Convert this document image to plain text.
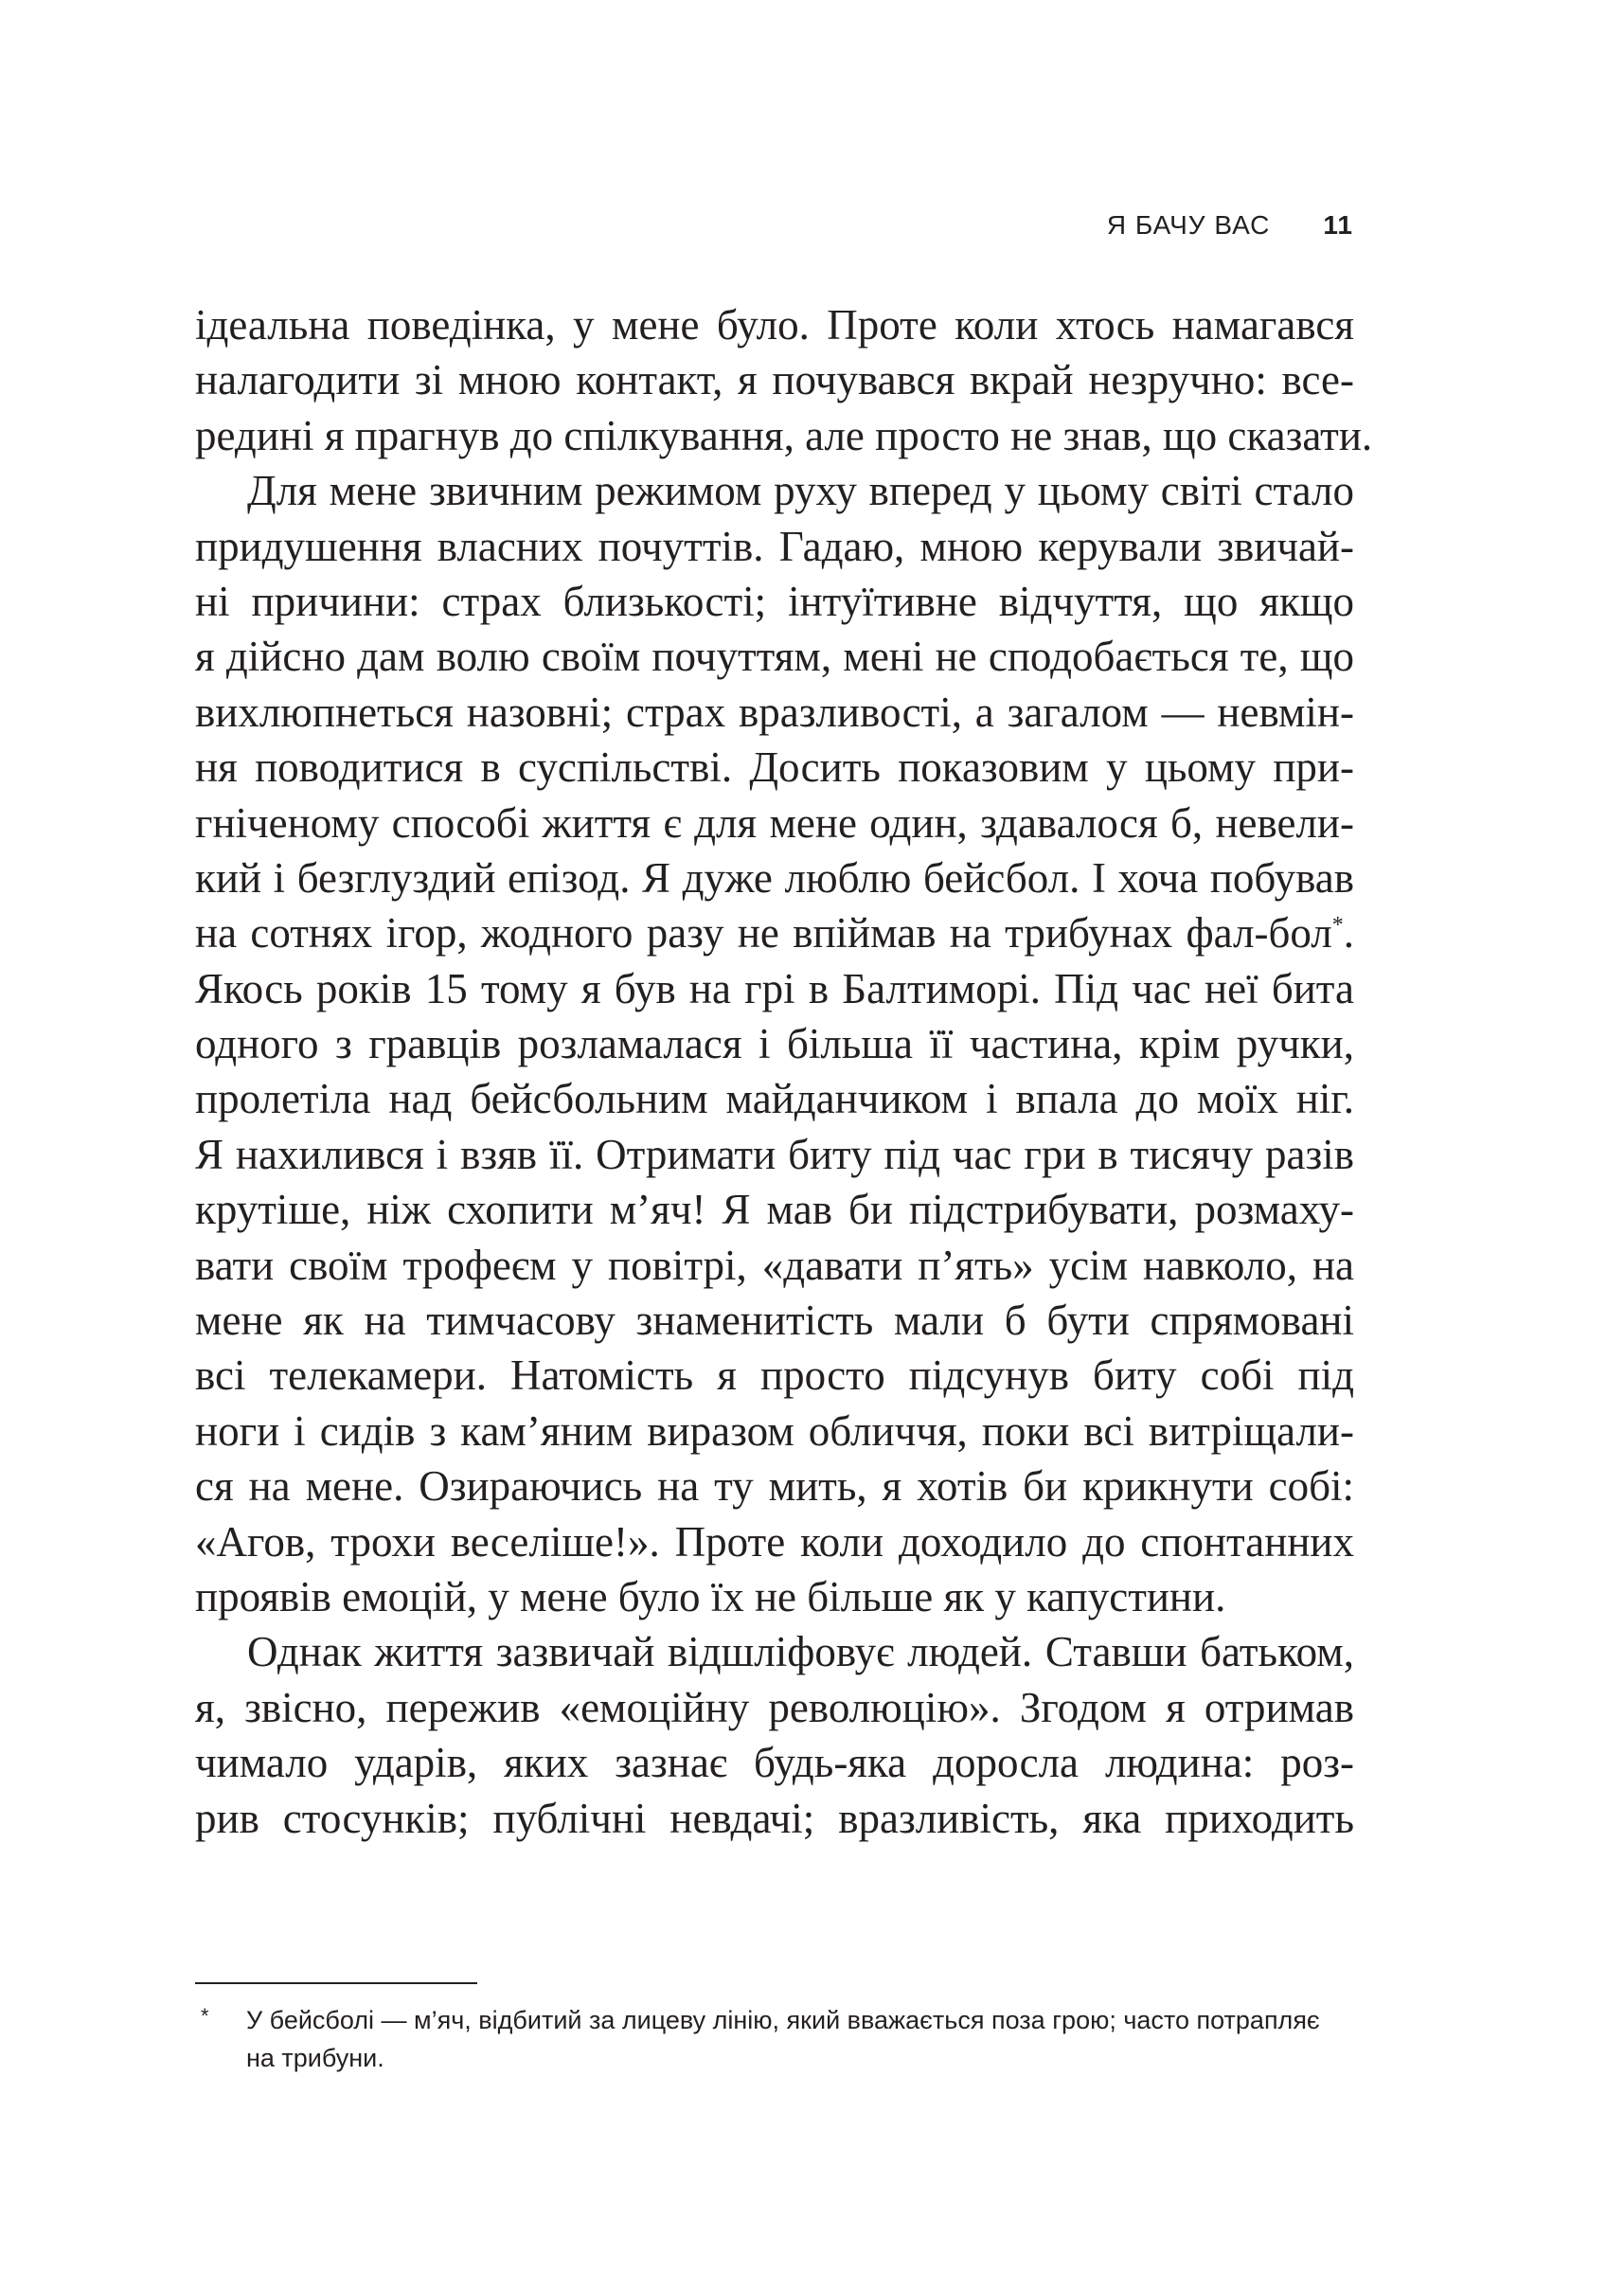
Я БАЧУ ВАС 11
ідеальна поведінка, у мене було. Проте коли хтось намагався
налагодити зі мною контакт, я почувався вкрай незручно: все-
редині я прагнув до спілкування, але просто не знав, що сказати.
Для мене звичним режимом руху вперед у цьому світі стало
придушення власних почуттів. Гадаю, мною керували звичай-
ні причини: страх близькості; інтуїтивне відчуття, що якщо
я дійсно дам волю своїм почуттям, мені не сподобається те, що
вихлюпнеться назовні; страх вразливості, а загалом — невмін-
ня поводитися в суспільстві. Досить показовим у цьому при-
гніченому способі життя є для мене один, здавалося б, невели-
кий і безглуздий епізод. Я дуже люблю бейсбол. І хоча побував
на сотнях ігор, жодного разу не впіймав на трибунах фал-бол*.
Якось років 15 тому я був на грі в Балтиморі. Під час неї бита
одного з гравців розламалася і більша її частина, крім ручки,
пролетіла над бейсбольним майданчиком і впала до моїх ніг.
Я нахилився і взяв її. Отримати биту під час гри в тисячу разів
крутіше, ніж схопити м’яч! Я мав би підстрибувати, розмаху-
вати своїм трофеєм у повітрі, «давати п’ять» усім навколо, на
мене як на тимчасову знаменитість мали б бути спрямовані
всі телекамери. Натомість я просто підсунув биту собі під
ноги і сидів з кам’яним виразом обличчя, поки всі витріщали-
ся на мене. Озираючись на ту мить, я хотів би крикнути собі:
«Агов, трохи веселіше!». Проте коли доходило до спонтанних
проявів емоцій, у мене було їх не більше як у капустини.
Однак життя зазвичай відшліфовує людей. Ставши батьком,
я, звісно, пережив «емоційну революцію». Згодом я отримав
чимало ударів, яких зазнає будь-яка доросла людина: роз-
рив стосунків; публічні невдачі; вразливість, яка приходить
*	У бейсболі — м’яч, відбитий за лицеву лінію, який вважається поза грою; часто потрапляє
на трибуни.
